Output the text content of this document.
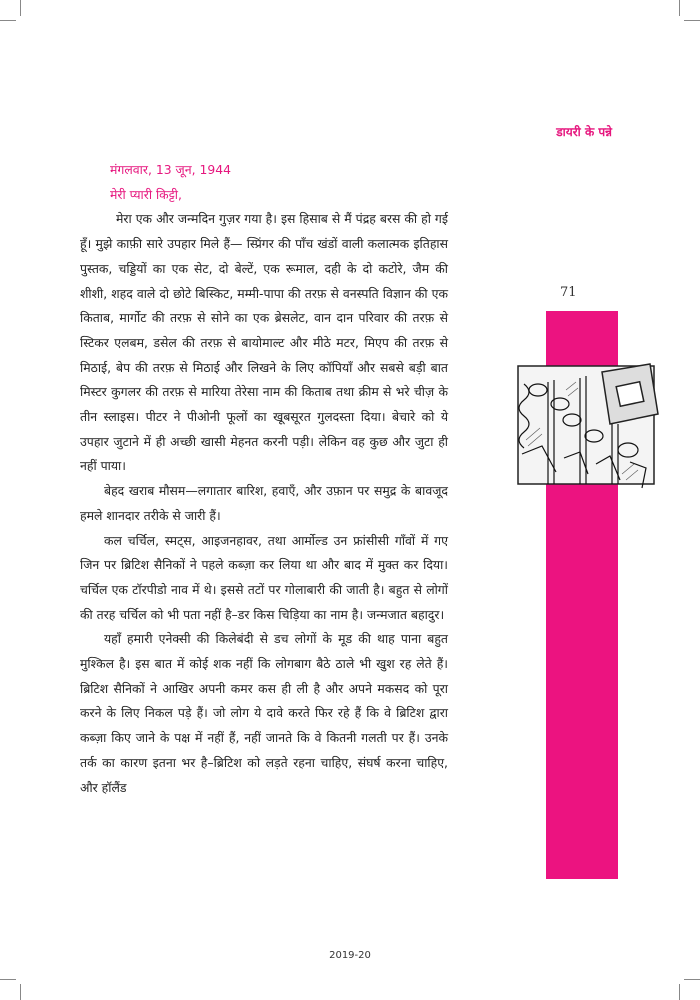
डायरी के पन्ने
71

मंगलवार, 13 जून, 1944

मेरी प्यारी किट्टी,

मेरा एक और जन्मदिन गुज़र गया है। इस हिसाब से मैं पंद्रह बरस की हो गई हूँ। मुझे काफ़ी सारे उपहार मिले हैं— स्प्रिंगर की पाँच खंडों वाली कलात्मक इतिहास पुस्तक, चड्डियों का एक सेट, दो बेल्टें, एक रूमाल, दही के दो कटोरे, जैम की शीशी, शहद वाले दो छोटे बिस्किट, मम्मी-पापा की तरफ़ से वनस्पति विज्ञान की एक किताब, मार्गोट की तरफ़ से सोने का एक ब्रेसलेट, वान दान परिवार की तरफ़ से स्टिकर एलबम, डसेल की तरफ़ से बायोमाल्ट और मीठे मटर, मिएप की तरफ़ से मिठाई, बेप की तरफ़ से मिठाई और लिखने के लिए कॉपियाँ और सबसे बड़ी बात मिस्टर कुगलर की तरफ़ से मारिया तेरेसा नाम की किताब तथा क्रीम से भरे चीज़ के तीन स्लाइस। पीटर ने पीओनी फूलों का खूबसूरत गुलदस्ता दिया। बेचारे को ये उपहार जुटाने में ही अच्छी खासी मेहनत करनी पड़ी। लेकिन वह कुछ और जुटा ही नहीं पाया।

बेहद खराब मौसम—लगातार बारिश, हवाएँ, और उफ़ान पर समुद्र के बावजूद हमले शानदार तरीके से जारी हैं।

कल चर्चिल, स्मट्स, आइजनहावर, तथा आर्मोल्ड उन फ्रांसीसी गाँवों में गए जिन पर ब्रिटिश सैनिकों ने पहले कब्ज़ा कर लिया था और बाद में मुक्त कर दिया। चर्चिल एक टॉरपीडो नाव में थे। इससे तटों पर गोलाबारी की जाती है। बहुत से लोगों की तरह चर्चिल को भी पता नहीं है–डर किस चिड़िया का नाम है। जन्मजात बहादुर।

यहाँ हमारी एनेक्सी की किलेबंदी से डच लोगों के मूड की थाह पाना बहुत मुश्किल है। इस बात में कोई शक नहीं कि लोगबाग बैठे ठाले भी खुश रह लेते हैं। ब्रिटिश सैनिकों ने आखिर अपनी कमर कस ही ली है और अपने मकसद को पूरा करने के लिए निकल पड़े हैं। जो लोग ये दावे करते फिर रहे हैं कि वे ब्रिटिश द्वारा कब्ज़ा किए जाने के पक्ष में नहीं हैं, नहीं जानते कि वे कितनी गलती पर हैं। उनके तर्क का कारण इतना भर है–ब्रिटिश को लड़ते रहना चाहिए, संघर्ष करना चाहिए, और हॉलैंड

2019-20
